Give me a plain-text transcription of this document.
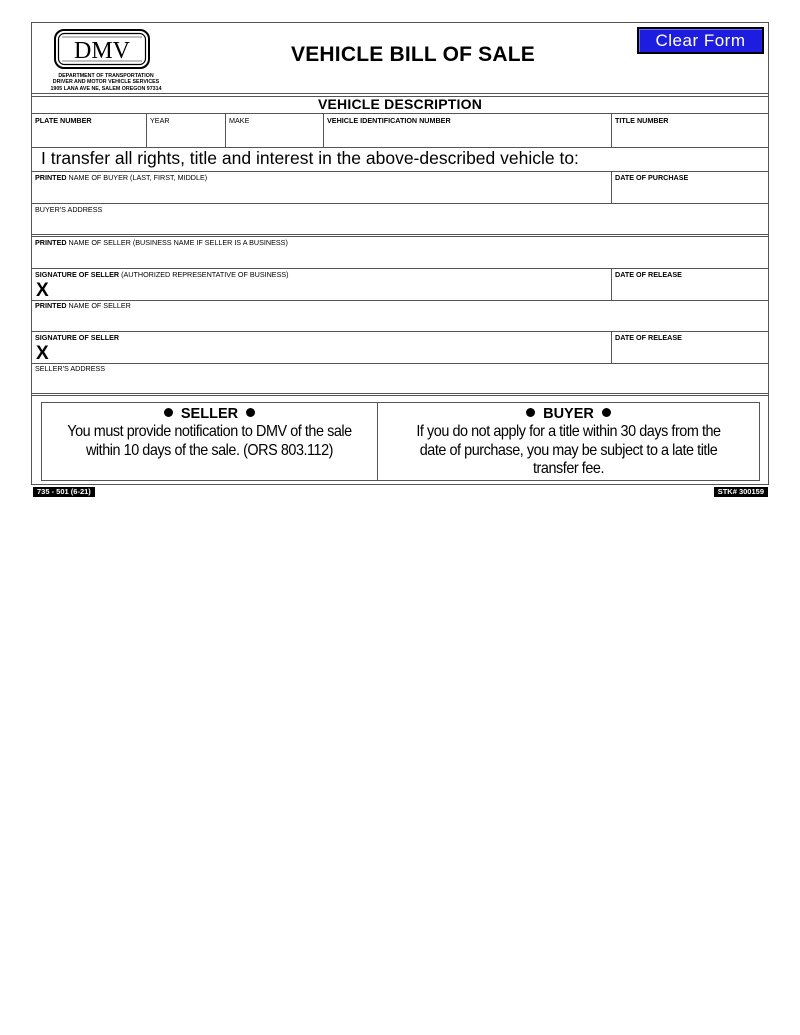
DMV
DEPARTMENT OF TRANSPORTATION
DRIVER AND MOTOR VEHICLE SERVICES
1905 LANA AVE NE, SALEM OREGON 97314
VEHICLE BILL OF SALE
Clear Form
VEHICLE DESCRIPTION
PLATE NUMBER	YEAR	MAKE	VEHICLE IDENTIFICATION NUMBER	TITLE NUMBER
I transfer all rights, title and interest in the above-described vehicle to:
PRINTED NAME OF BUYER (LAST, FIRST, MIDDLE)	DATE OF PURCHASE
BUYER'S ADDRESS
PRINTED NAME OF SELLER (BUSINESS NAME IF SELLER IS A BUSINESS)
SIGNATURE OF SELLER (AUTHORIZED REPRESENTATIVE OF BUSINESS)	DATE OF RELEASE
X
PRINTED NAME OF SELLER
SIGNATURE OF SELLER	DATE OF RELEASE
X
SELLER'S ADDRESS
SELLER
You must provide notification to DMV of the sale
within 10 days of the sale. (ORS 803.112)
BUYER
If you do not apply for a title within 30 days from the
date of purchase, you may be subject to a late title
transfer fee.
735 - 501 (6-21)	STK# 300159
